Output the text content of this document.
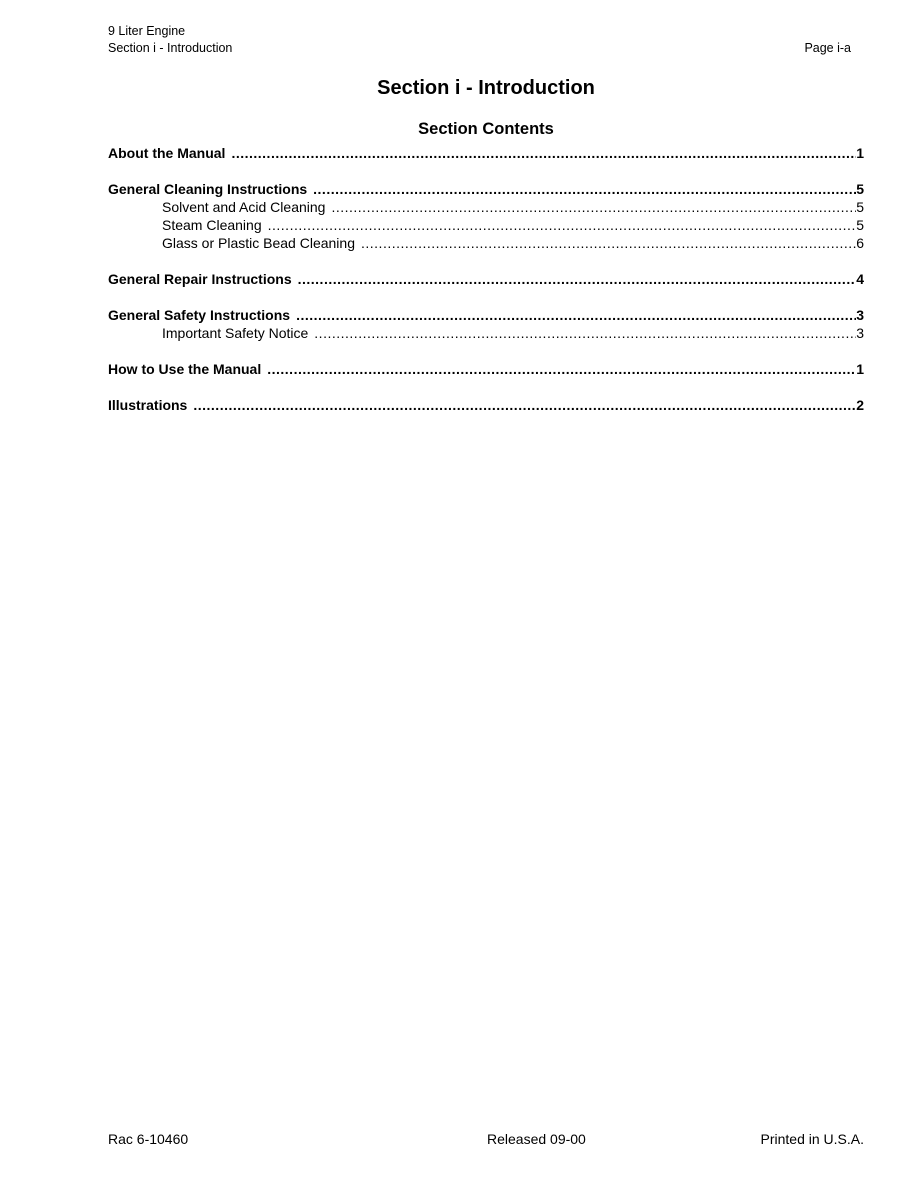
9 Liter Engine
Section i - Introduction	Page i-a
Section i - Introduction
Section Contents
About the Manual .....	1
General Cleaning Instructions .....	5
Solvent and Acid Cleaning .....	5
Steam Cleaning .....	5
Glass or Plastic Bead Cleaning .....	6
General Repair Instructions .....	4
General Safety Instructions .....	3
Important Safety Notice .....	3
How to Use the Manual .....	1
Illustrations .....	2
Rac 6-10460	Released 09-00	Printed in U.S.A.
